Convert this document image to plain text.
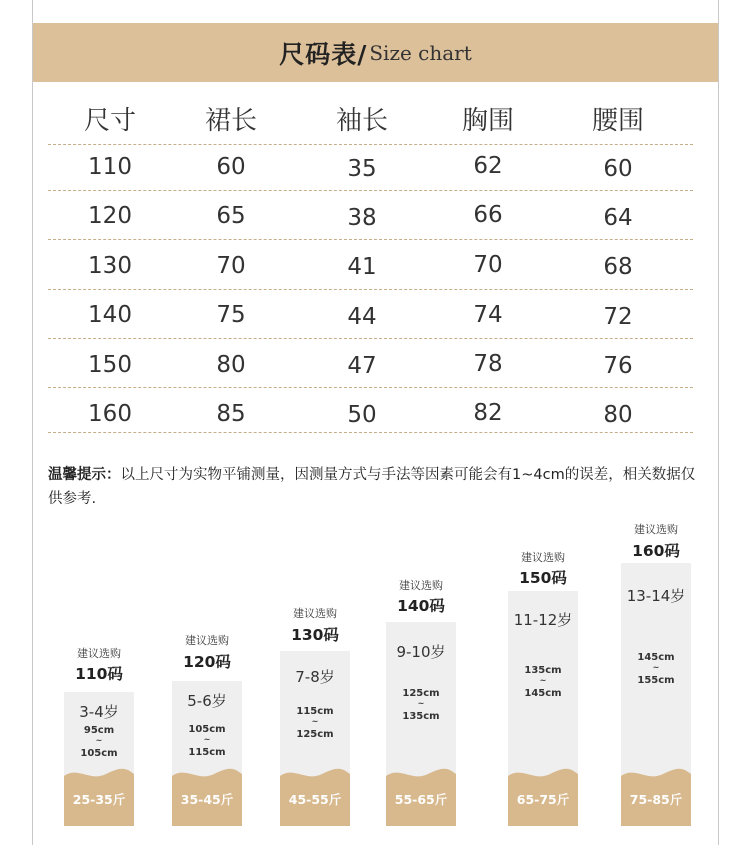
尺码表/ Size chart
尺寸	裙长	袖长	胸围	腰围
110	60	35	62	60
120	65	38	66	64
130	70	41	70	68
140	75	44	74	72
150	80	47	78	76
160	85	50	82	80
温馨提示：以上尺寸为实物平铺测量，因测量方式与手法等因素可能会有1~4cm的误差，相关数据仅供参考.
建议选购
110码
3-4岁
95cm
~
105cm
25-35斤
建议选购
120码
5-6岁
105cm
~
115cm
35-45斤
建议选购
130码
7-8岁
115cm
~
125cm
45-55斤
建议选购
140码
9-10岁
125cm
~
135cm
55-65斤
建议选购
150码
11-12岁
135cm
~
145cm
65-75斤
建议选购
160码
13-14岁
145cm
~
155cm
75-85斤
